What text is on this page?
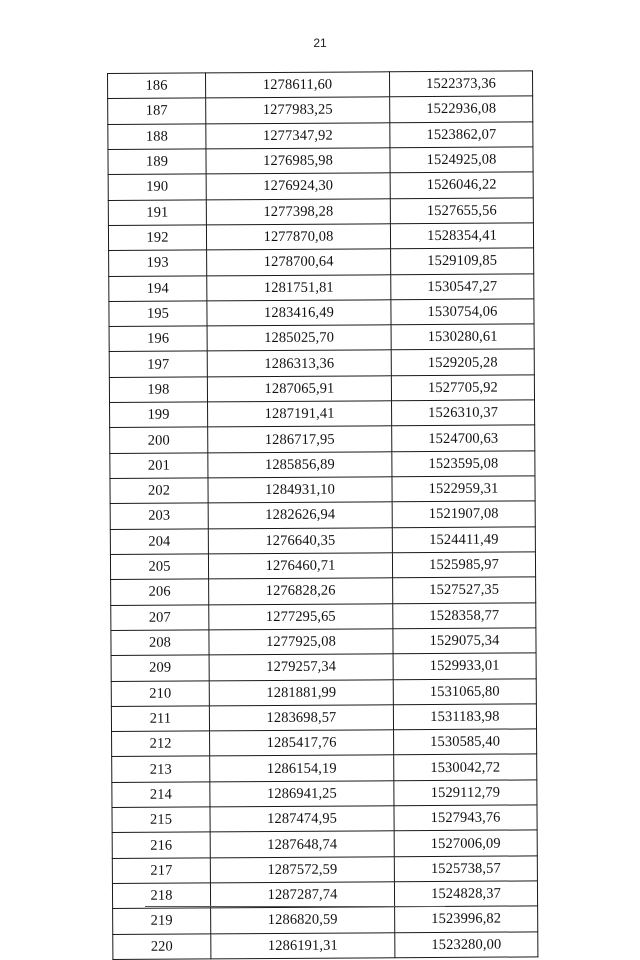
21
186	1278611,60	1522373,36
187	1277983,25	1522936,08
188	1277347,92	1523862,07
189	1276985,98	1524925,08
190	1276924,30	1526046,22
191	1277398,28	1527655,56
192	1277870,08	1528354,41
193	1278700,64	1529109,85
194	1281751,81	1530547,27
195	1283416,49	1530754,06
196	1285025,70	1530280,61
197	1286313,36	1529205,28
198	1287065,91	1527705,92
199	1287191,41	1526310,37
200	1286717,95	1524700,63
201	1285856,89	1523595,08
202	1284931,10	1522959,31
203	1282626,94	1521907,08
204	1276640,35	1524411,49
205	1276460,71	1525985,97
206	1276828,26	1527527,35
207	1277295,65	1528358,77
208	1277925,08	1529075,34
209	1279257,34	1529933,01
210	1281881,99	1531065,80
211	1283698,57	1531183,98
212	1285417,76	1530585,40
213	1286154,19	1530042,72
214	1286941,25	1529112,79
215	1287474,95	1527943,76
216	1287648,74	1527006,09
217	1287572,59	1525738,57
218	1287287,74	1524828,37
219	1286820,59	1523996,82
220	1286191,31	1523280,00
